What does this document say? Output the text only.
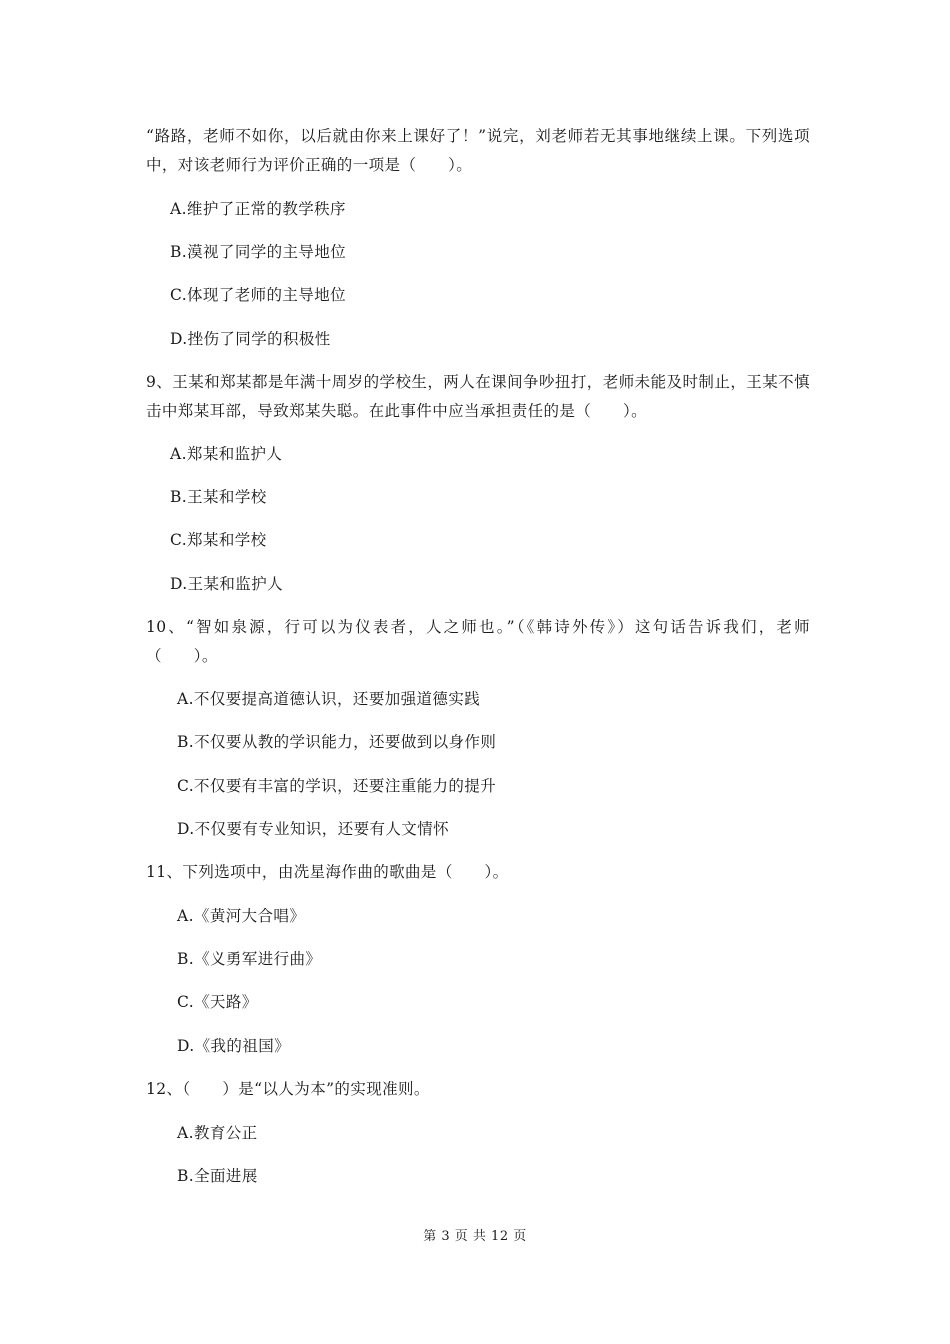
“路路，老师不如你，以后就由你来上课好了！”说完，刘老师若无其事地继续上课。下列选项中，对该老师行为评价正确的一项是（　　）。

A.维护了正常的教学秩序

B.漠视了同学的主导地位

C.体现了老师的主导地位

D.挫伤了同学的积极性

9、王某和郑某都是年满十周岁的学校生，两人在课间争吵扭打，老师未能及时制止，王某不慎击中郑某耳部，导致郑某失聪。在此事件中应当承担责任的是（　　）。

A.郑某和监护人

B.王某和学校

C.郑某和学校

D.王某和监护人

10、“智如泉源，行可以为仪表者，人之师也。”（《韩诗外传》）这句话告诉我们，老师（　　）。

A.不仅要提高道德认识，还要加强道德实践

B.不仅要从教的学识能力，还要做到以身作则

C.不仅要有丰富的学识，还要注重能力的提升

D.不仅要有专业知识，还要有人文情怀

11、下列选项中，由冼星海作曲的歌曲是（　　）。

A.《黄河大合唱》

B.《义勇军进行曲》

C.《天路》

D.《我的祖国》

12、（　　）是“以人为本”的实现准则。

A.教育公正

B.全面进展

第 3 页 共 12 页
